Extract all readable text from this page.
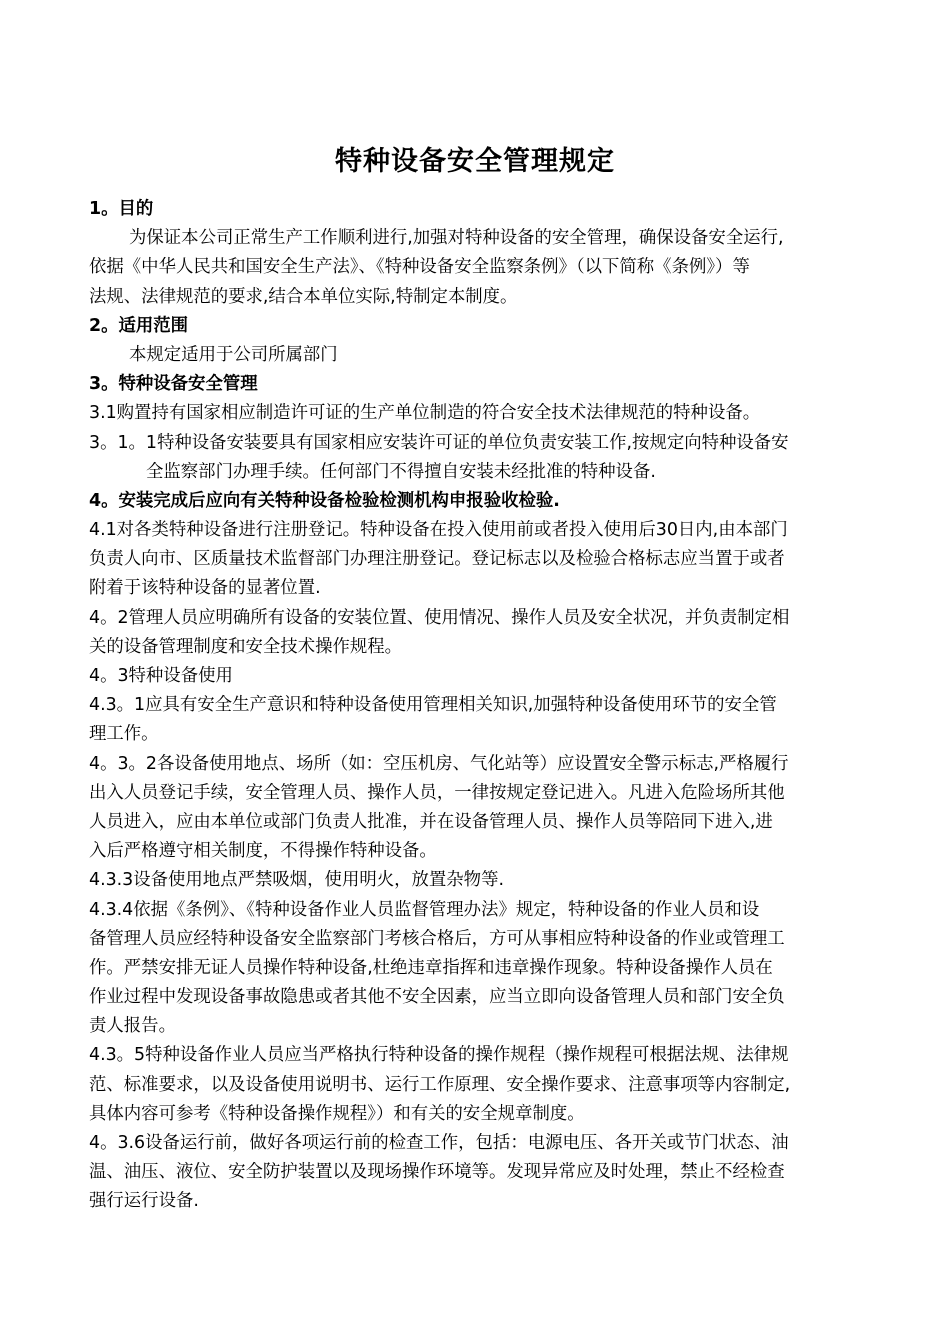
特种设备安全管理规定
1。目的
为保证本公司正常生产工作顺利进行,加强对特种设备的安全管理，确保设备安全运行,
依据《中华人民共和国安全生产法》、《特种设备安全监察条例》（以下简称《条例》）等
法规、法律规范的要求,结合本单位实际,特制定本制度。
2。适用范围
本规定适用于公司所属部门
3。特种设备安全管理
3.1购置持有国家相应制造许可证的生产单位制造的符合安全技术法律规范的特种设备。
3。1。1特种设备安装要具有国家相应安装许可证的单位负责安装工作,按规定向特种设备安
全监察部门办理手续。任何部门不得擅自安装未经批准的特种设备.
4。安装完成后应向有关特种设备检验检测机构申报验收检验.
4.1对各类特种设备进行注册登记。特种设备在投入使用前或者投入使用后30日内,由本部门
负责人向市、区质量技术监督部门办理注册登记。登记标志以及检验合格标志应当置于或者
附着于该特种设备的显著位置.
4。2管理人员应明确所有设备的安装位置、使用情况、操作人员及安全状况，并负责制定相
关的设备管理制度和安全技术操作规程。
4。3特种设备使用
4.3。1应具有安全生产意识和特种设备使用管理相关知识,加强特种设备使用环节的安全管
理工作。
4。3。2各设备使用地点、场所（如：空压机房、气化站等）应设置安全警示标志,严格履行
出入人员登记手续，安全管理人员、操作人员，一律按规定登记进入。凡进入危险场所其他
人员进入，应由本单位或部门负责人批准，并在设备管理人员、操作人员等陪同下进入,进
入后严格遵守相关制度，不得操作特种设备。
4.3.3设备使用地点严禁吸烟，使用明火，放置杂物等.
4.3.4依据《条例》、《特种设备作业人员监督管理办法》规定，特种设备的作业人员和设
备管理人员应经特种设备安全监察部门考核合格后，方可从事相应特种设备的作业或管理工
作。严禁安排无证人员操作特种设备,杜绝违章指挥和违章操作现象。特种设备操作人员在
作业过程中发现设备事故隐患或者其他不安全因素，应当立即向设备管理人员和部门安全负
责人报告。
4.3。5特种设备作业人员应当严格执行特种设备的操作规程（操作规程可根据法规、法律规
范、标准要求，以及设备使用说明书、运行工作原理、安全操作要求、注意事项等内容制定,
具体内容可参考《特种设备操作规程》）和有关的安全规章制度。
4。3.6设备运行前，做好各项运行前的检查工作，包括：电源电压、各开关或节门状态、油
温、油压、液位、安全防护装置以及现场操作环境等。发现异常应及时处理，禁止不经检查
强行运行设备.
